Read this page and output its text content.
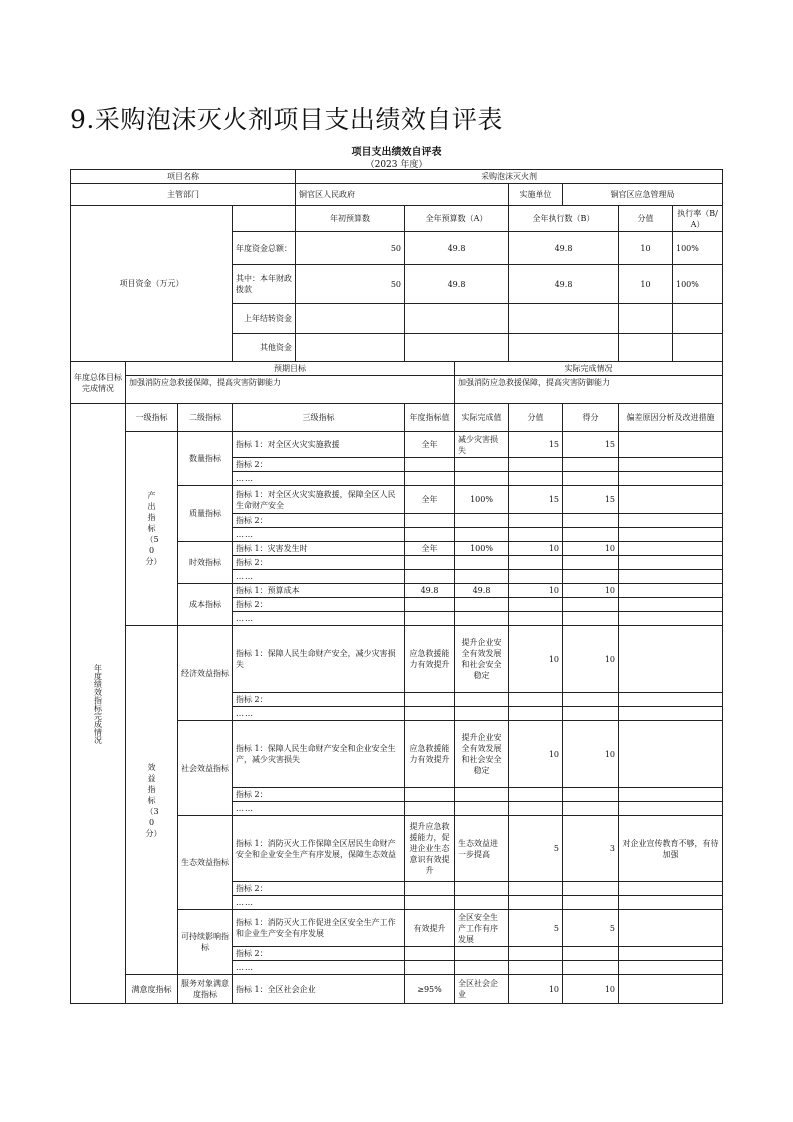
9.采购泡沫灭火剂项目支出绩效自评表
项目支出绩效自评表
（2023 年度）
项目名称				采购泡沫灭火剂							
主管部门				铜官区人民政府			实施单位	铜官区应急管理局			
项目资金（万元）				年初预算数	全年预算数（A）		全年执行数（B）		分值	执行率（B/A）	
			年度资金总额：	50	49.8		49.8		10	100%	
			其中：本年财政拨款	50	49.8		49.8		10	100%	
			上年结转资金								
			其他资金								
年度总体目标完成情况	预期目标					实际完成情况					
	加强消防应急救援保障，提高灾害防御能力					加强消防应急救援保障，提高灾害防御能力					

年度绩效指标完成情况	一级指标	二级指标	三级指标		年度指标值	实际完成值	分值	得分	偏差原因分析及改进措施		

	产出指标（50 分）	数量指标	指标 1：对全区火灾实施救援		全年	减少灾害损失	15	15			
			指标 2：								
			……								
		质量指标	指标 1：对全区火灾实施救援，保障全区人民生命财产安全		全年	100%	15	15			
			指标 2：								
			……								
		时效指标	指标 1：灾害发生时		全年	100%	10	10			
			指标 2：								
			……								
		成本指标	指标 1：预算成本		49.8	49.8	10	10			
			指标 2：								
			……								

	效益指标（30 分）	经济效益指标	指标 1：保障人民生命财产安全，减少灾害损失		应急救援能力有效提升	提升企业安全有效发展和社会安全稳定	10	10			
			指标 2：								
			……								
		社会效益指标	指标 1：保障人民生命财产安全和企业安全生产，减少灾害损失		应急救援能力有效提升	提升企业安全有效发展和社会安全稳定	10	10			
			指标 2：								
			……								
		生态效益指标	指标 1：消防灭火工作保障全区居民生命财产安全和企业安全生产有序发展，保障生态效益		提升应急救援能力，促进企业生态意识有效提升	生态效益进一步提高	5	3	对企业宣传教育不够，有待加强		
			指标 2：								
			……								
		可持续影响指标	指标 1：消防灭火工作促进全区安全生产工作和企业生产安全有序发展		有效提升	全区安全生产工作有序发展	5	5			
			指标 2：								
			……								
	满意度指标	服务对象满意度指标	指标 1：全区社会企业		≥95%	全区社会企业	10	10			
